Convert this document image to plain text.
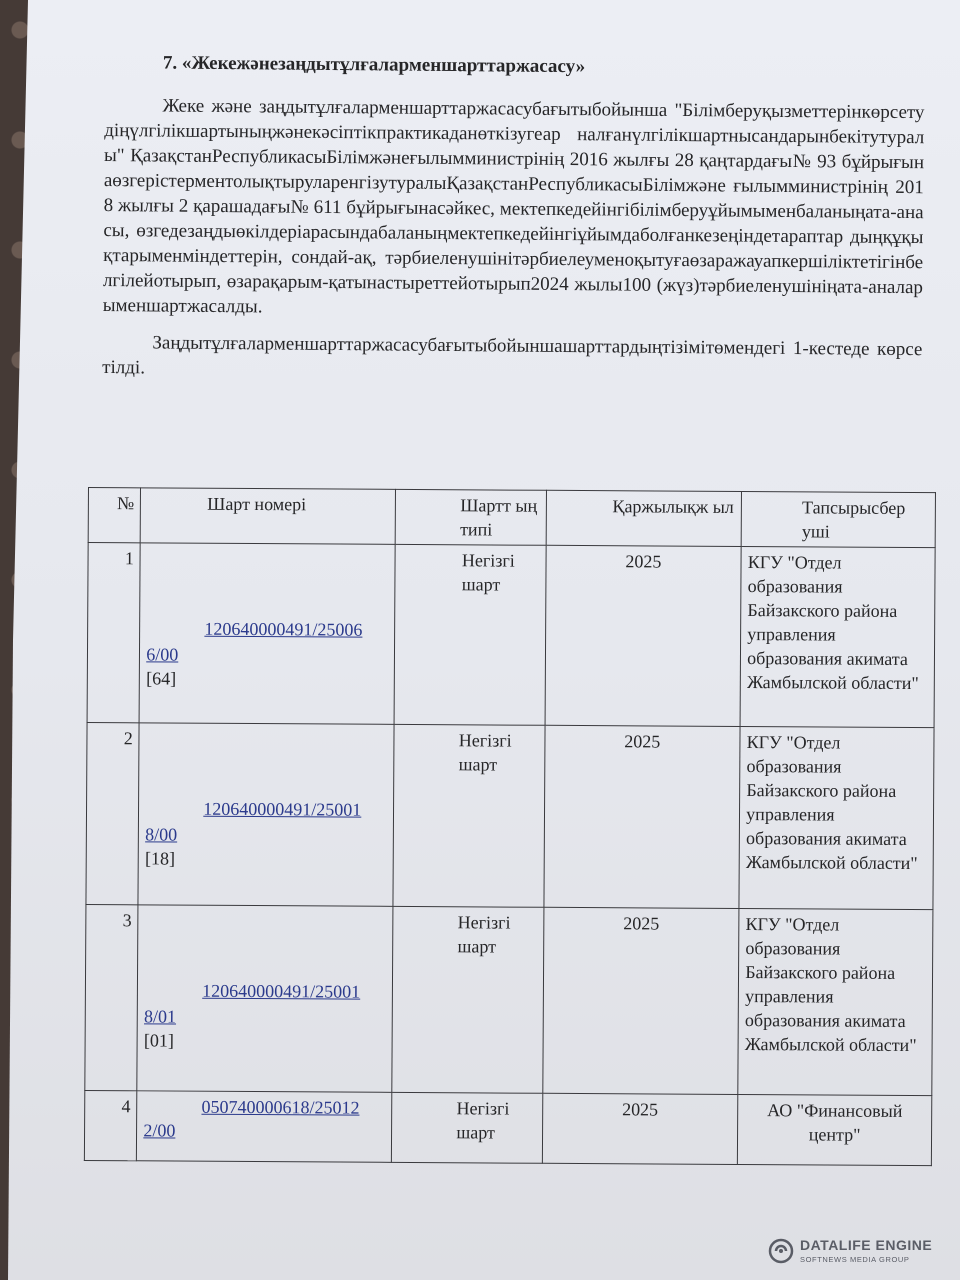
7. «Жекежәнезаңдытұлғаларменшарттаржасасу»

Жеке және заңдытұлғаларменшарттаржасасубағытыбойынша "Білімберуқызметтерінкөрсетудіңүлгілікшартыныңжәнекәсіптікпрактикаданөткізугеар налғанүлгілікшартнысандарынбекітутуралы" ҚазақстанРеспубликасыБілімжәнеғылымминистрінің 2016 жылғы 28 қаңтардағы№ 93 бұйрығынаөзгерістерментолықтыруларенгізутуралыҚазақстанРеспубликасыБілімжәне ғылымминистрінің 2018 жылғы 2 қарашадағы№ 611 бұйрығынасәйкес, мектепкедейінгібілімберуұйымыменбаланыңата-анасы, өзгедезаңдыөкілдеріарасындабаланыңмектепкедейінгіұйымдаболғанкезеңіндетараптар дыңқұқықтарыменміндеттерін, сондай-ақ, тәрбиеленушінітәрбиелеуменоқытуғаөзаражауапкершіліктетігінбелгілейотырып, өзарақарым-қатынастыреттейотырып2024 жылы100 (жүз)тәрбиеленушініңата-аналарыменшартжасалды.

Заңдытұлғаларменшарттаржасасубағытыбойыншашарттардыңтізімітөмендегі 1-кестеде көрсетілді.

№	Шарт номері	Шартт ың типі	Қаржылықж ыл	Тапсырысбер уші
1	120640000491/25006
6/00
[64]	Негізгі шарт	2025	КГУ "Отдел образования Байзакского района управления образования акимата Жамбылской области"
2	120640000491/25001
8/00
[18]	Негізгі шарт	2025	КГУ "Отдел образования Байзакского района управления образования акимата Жамбылской области"
3	120640000491/25001
8/01
[01]	Негізгі шарт	2025	КГУ "Отдел образования Байзакского района управления образования акимата Жамбылской области"
4	050740000618/25012
2/00	Негізгі шарт	2025	АО "Финансовый центр"
DATALIFE ENGINE
SOFTNEWS MEDIA GROUP
